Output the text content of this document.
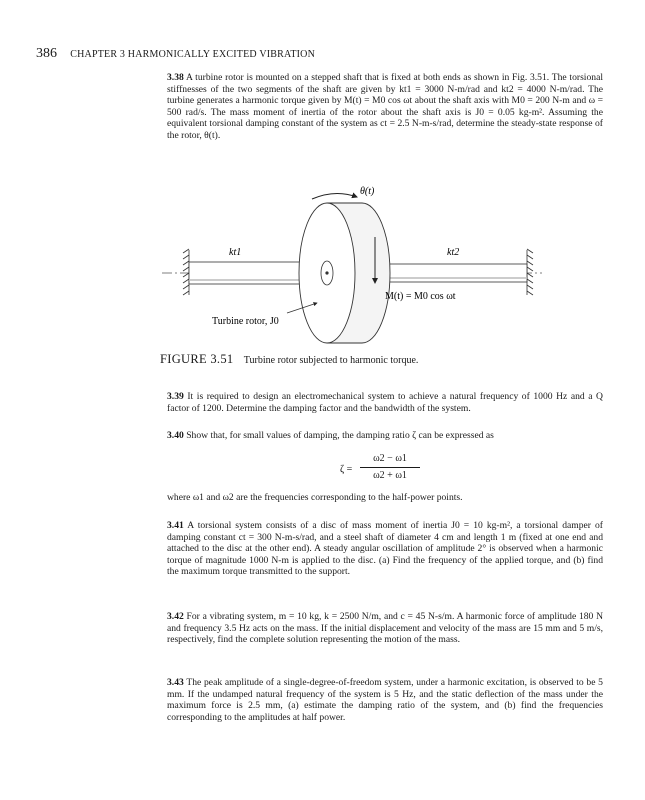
386 CHAPTER 3 HARMONICALLY EXCITED VIBRATION
3.38 A turbine rotor is mounted on a stepped shaft that is fixed at both ends as shown in Fig. 3.51. The torsional stiffnesses of the two segments of the shaft are given by kt1 = 3000 N-m/rad and kt2 = 4000 N-m/rad. The turbine generates a harmonic torque given by M(t) = M0 cos ωt about the shaft axis with M0 = 200 N-m and ω = 500 rad/s. The mass moment of inertia of the rotor about the shaft axis is J0 = 0.05 kg-m². Assuming the equivalent torsional damping constant of the system as ct = 2.5 N-m-s/rad, determine the steady-state response of the rotor, θ(t).
θ(t)
kt1	kt2
M(t) = M0 cos ωt
Turbine rotor, J0
FIGURE 3.51 Turbine rotor subjected to harmonic torque.
3.39 It is required to design an electromechanical system to achieve a natural frequency of 1000 Hz and a Q factor of 1200. Determine the damping factor and the bandwidth of the system.
3.40 Show that, for small values of damping, the damping ratio ζ can be expressed as
ζ =
ω2 − ω1
ω2 + ω1
where ω1 and ω2 are the frequencies corresponding to the half-power points.
3.41 A torsional system consists of a disc of mass moment of inertia J0 = 10 kg-m², a torsional damper of damping constant ct = 300 N-m-s/rad, and a steel shaft of diameter 4 cm and length 1 m (fixed at one end and attached to the disc at the other end). A steady angular oscillation of amplitude 2° is observed when a harmonic torque of magnitude 1000 N-m is applied to the disc. (a) Find the frequency of the applied torque, and (b) find the maximum torque transmitted to the support.
3.42 For a vibrating system, m = 10 kg, k = 2500 N/m, and c = 45 N-s/m. A harmonic force of amplitude 180 N and frequency 3.5 Hz acts on the mass. If the initial displacement and velocity of the mass are 15 mm and 5 m/s, respectively, find the complete solution representing the motion of the mass.
3.43 The peak amplitude of a single-degree-of-freedom system, under a harmonic excitation, is observed to be 5 mm. If the undamped natural frequency of the system is 5 Hz, and the static deflection of the mass under the maximum force is 2.5 mm, (a) estimate the damping ratio of the system, and (b) find the frequencies corresponding to the amplitudes at half power.
